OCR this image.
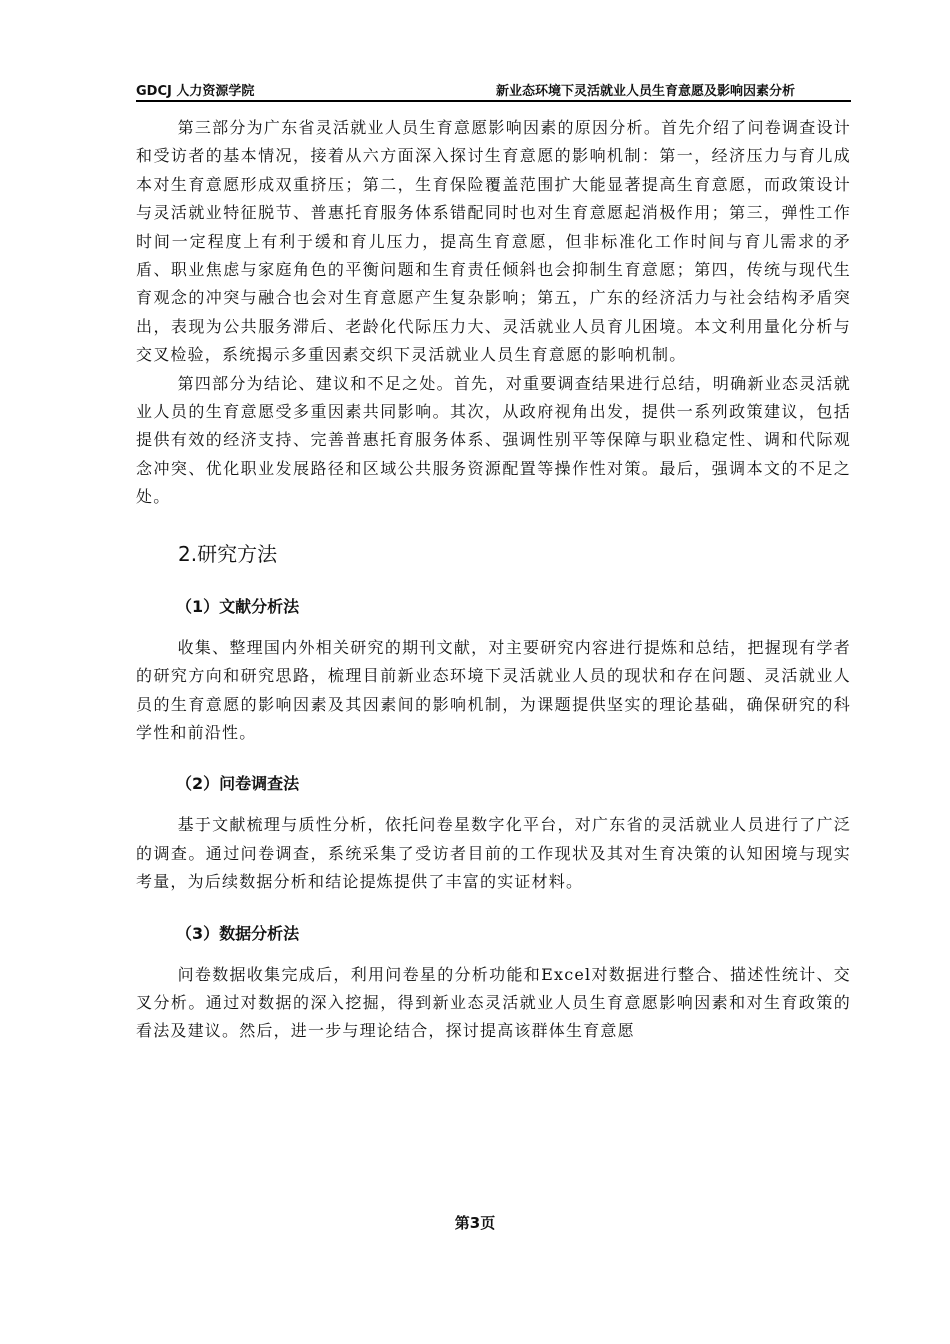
GDCJ 人力资源学院	新业态环境下灵活就业人员生育意愿及影响因素分析

第三部分为广东省灵活就业人员生育意愿影响因素的原因分析。首先介绍了问卷调查设计和受访者的基本情况，接着从六方面深入探讨生育意愿的影响机制：第一，经济压力与育儿成本对生育意愿形成双重挤压；第二，生育保险覆盖范围扩大能显著提高生育意愿，而政策设计与灵活就业特征脱节、普惠托育服务体系错配同时也对生育意愿起消极作用；第三，弹性工作时间一定程度上有利于缓和育儿压力，提高生育意愿，但非标准化工作时间与育儿需求的矛盾、职业焦虑与家庭角色的平衡问题和生育责任倾斜也会抑制生育意愿；第四，传统与现代生育观念的冲突与融合也会对生育意愿产生复杂影响；第五，广东的经济活力与社会结构矛盾突出，表现为公共服务滞后、老龄化代际压力大、灵活就业人员育儿困境。本文利用量化分析与交叉检验，系统揭示多重因素交织下灵活就业人员生育意愿的影响机制。

第四部分为结论、建议和不足之处。首先，对重要调查结果进行总结，明确新业态灵活就业人员的生育意愿受多重因素共同影响。其次，从政府视角出发，提供一系列政策建议，包括提供有效的经济支持、完善普惠托育服务体系、强调性别平等保障与职业稳定性、调和代际观念冲突、优化职业发展路径和区域公共服务资源配置等操作性对策。最后，强调本文的不足之处。

2.研究方法
（1）文献分析法

收集、整理国内外相关研究的期刊文献，对主要研究内容进行提炼和总结，把握现有学者的研究方向和研究思路，梳理目前新业态环境下灵活就业人员的现状和存在问题、灵活就业人员的生育意愿的影响因素及其因素间的影响机制，为课题提供坚实的理论基础，确保研究的科学性和前沿性。

（2）问卷调查法

基于文献梳理与质性分析，依托问卷星数字化平台，对广东省的灵活就业人员进行了广泛的调查。通过问卷调查，系统采集了受访者目前的工作现状及其对生育决策的认知困境与现实考量，为后续数据分析和结论提炼提供了丰富的实证材料。

（3）数据分析法

问卷数据收集完成后，利用问卷星的分析功能和Excel对数据进行整合、描述性统计、交叉分析。通过对数据的深入挖掘，得到新业态灵活就业人员生育意愿影响因素和对生育政策的看法及建议。然后，进一步与理论结合，探讨提高该群体生育意愿

第3页
